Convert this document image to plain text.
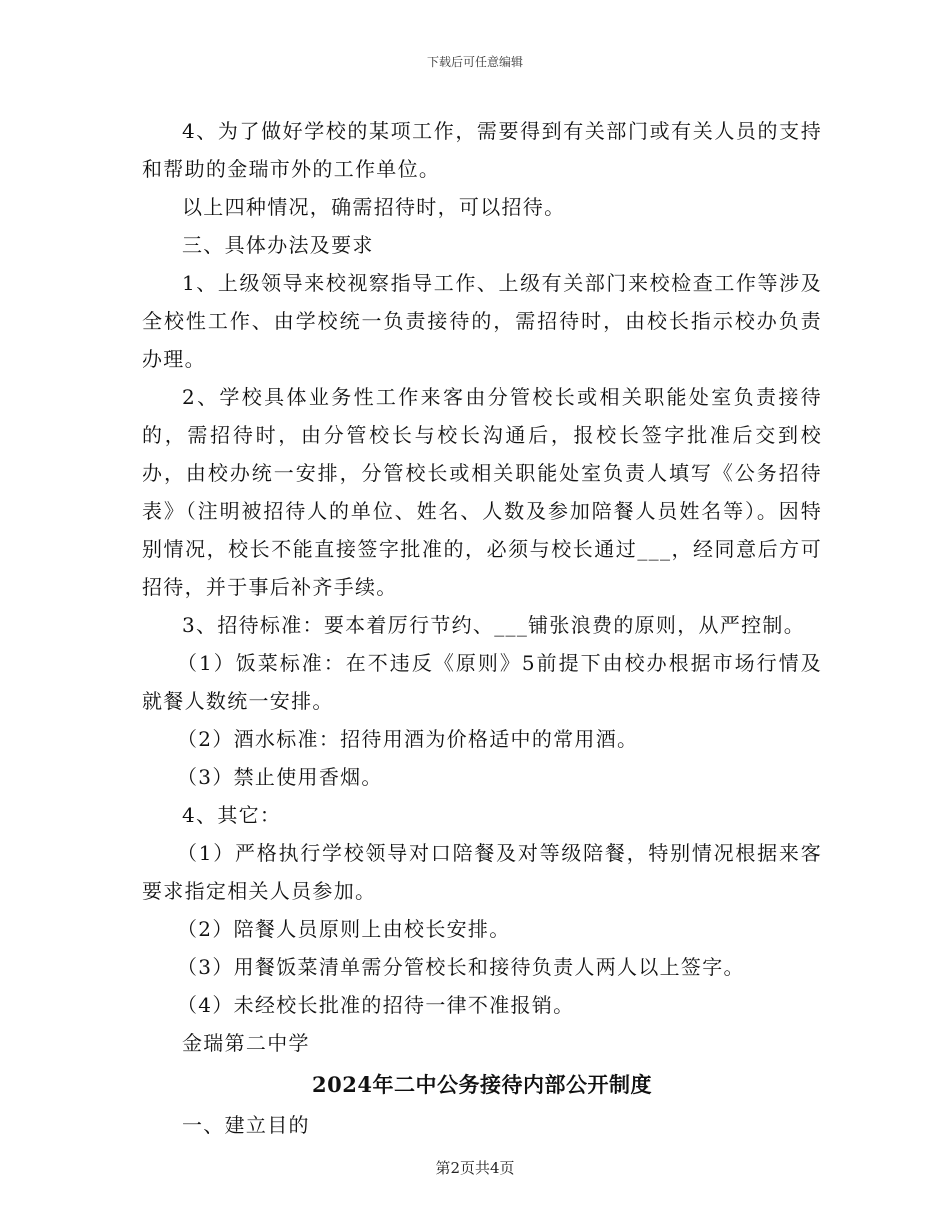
下载后可任意编辑

4、为了做好学校的某项工作，需要得到有关部门或有关人员的支持和帮助的金瑞市外的工作单位。

以上四种情况，确需招待时，可以招待。

三、具体办法及要求

1、上级领导来校视察指导工作、上级有关部门来校检查工作等涉及全校性工作、由学校统一负责接待的，需招待时，由校长指示校办负责办理。

2、学校具体业务性工作来客由分管校长或相关职能处室负责接待的，需招待时，由分管校长与校长沟通后，报校长签字批准后交到校办，由校办统一安排，分管校长或相关职能处室负责人填写《公务招待表》（注明被招待人的单位、姓名、人数及参加陪餐人员姓名等）。因特别情况，校长不能直接签字批准的，必须与校长通过___，经同意后方可招待，并于事后补齐手续。

3、招待标准：要本着厉行节约、___铺张浪费的原则，从严控制。

（1）饭菜标准：在不违反《原则》5前提下由校办根据市场行情及就餐人数统一安排。

（2）酒水标准：招待用酒为价格适中的常用酒。

（3）禁止使用香烟。

4、其它：

（1）严格执行学校领导对口陪餐及对等级陪餐，特别情况根据来客要求指定相关人员参加。

（2）陪餐人员原则上由校长安排。

（3）用餐饭菜清单需分管校长和接待负责人两人以上签字。

（4）未经校长批准的招待一律不准报销。

金瑞第二中学

2024年二中公务接待内部公开制度

一、建立目的

第2页共4页
